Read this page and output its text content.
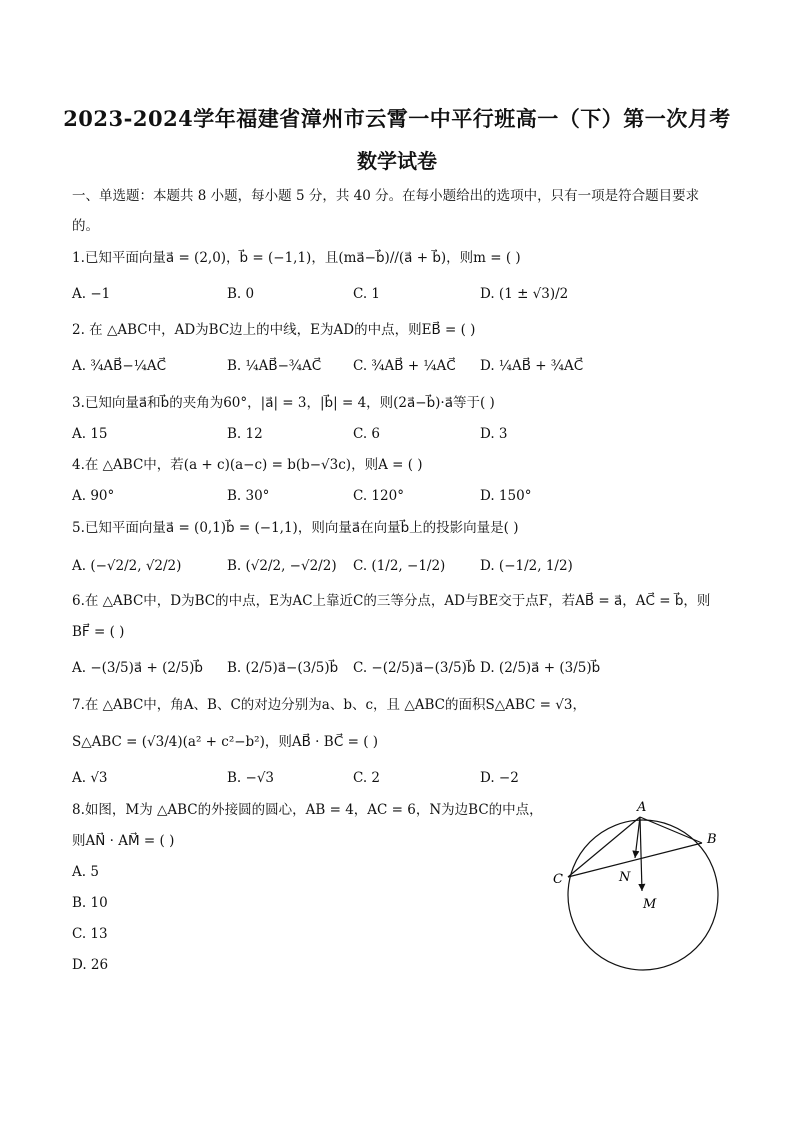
2023-2024学年福建省漳州市云霄一中平行班高一（下）第一次月考
数学试卷
一、单选题：本题共 8 小题，每小题 5 分，共 40 分。在每小题给出的选项中，只有一项是符合题目要求
的。
1.已知平面向量a⃗ = (2,0)，b⃗ = (−1,1)，且(ma⃗−b⃗)//(a⃗ + b⃗)，则m = ( )
A. −1	B. 0	C. 1	D. (1 ± √3)/2
2. 在 △ABC中，AD为BC边上的中线，E为AD的中点，则EB⃗ = ( )
A. ¾AB⃗−¼AC⃗	B. ¼AB⃗−¾AC⃗ C. ¾AB⃗ + ¼AC⃗ D. ¼AB⃗ + ¾AC⃗
3.已知向量a⃗和b⃗的夹角为60°，|a⃗| = 3，|b⃗| = 4，则(2a⃗−b⃗)·a⃗等于( )
A. 15	B. 12	C. 6	D. 3
4.在 △ABC中，若(a + c)(a−c) = b(b−√3c)，则A = ( )
A. 90°	B. 30°	C. 120°	D. 150°
5.已知平面向量a⃗ = (0,1)b⃗ = (−1,1)，则向量a⃗在向量b⃗上的投影向量是( )
A. (−√2/2, √2/2)	B. (√2/2, −√2/2) C. (1/2, −1/2)	D. (−1/2, 1/2)
6.在 △ABC中，D为BC的中点，E为AC上靠近C的三等分点，AD与BE交于点F，若AB⃗ = a⃗，AC⃗ = b⃗，则
BF⃗ = ( )
A. −(3/5)a⃗ + (2/5)b⃗ B. (2/5)a⃗−(3/5)b⃗ C. −(2/5)a⃗−(3/5)b⃗ D. (2/5)a⃗ + (3/5)b⃗
7.在 △ABC中，角A、B、C的对边分别为a、b、c，且 △ABC的面积S△ABC = √3，
S△ABC = (√3/4)(a² + c²−b²)，则AB⃗ · BC⃗ = ( )
A. √3	B. −√3	C. 2	D. −2
8.如图，M为 △ABC的外接圆的圆心，AB = 4，AC = 6，N为边BC的中点，
则AN⃗ · AM⃗ = ( )
A. 5
B. 10
C. 13
D. 26
A
B
C	N
M
